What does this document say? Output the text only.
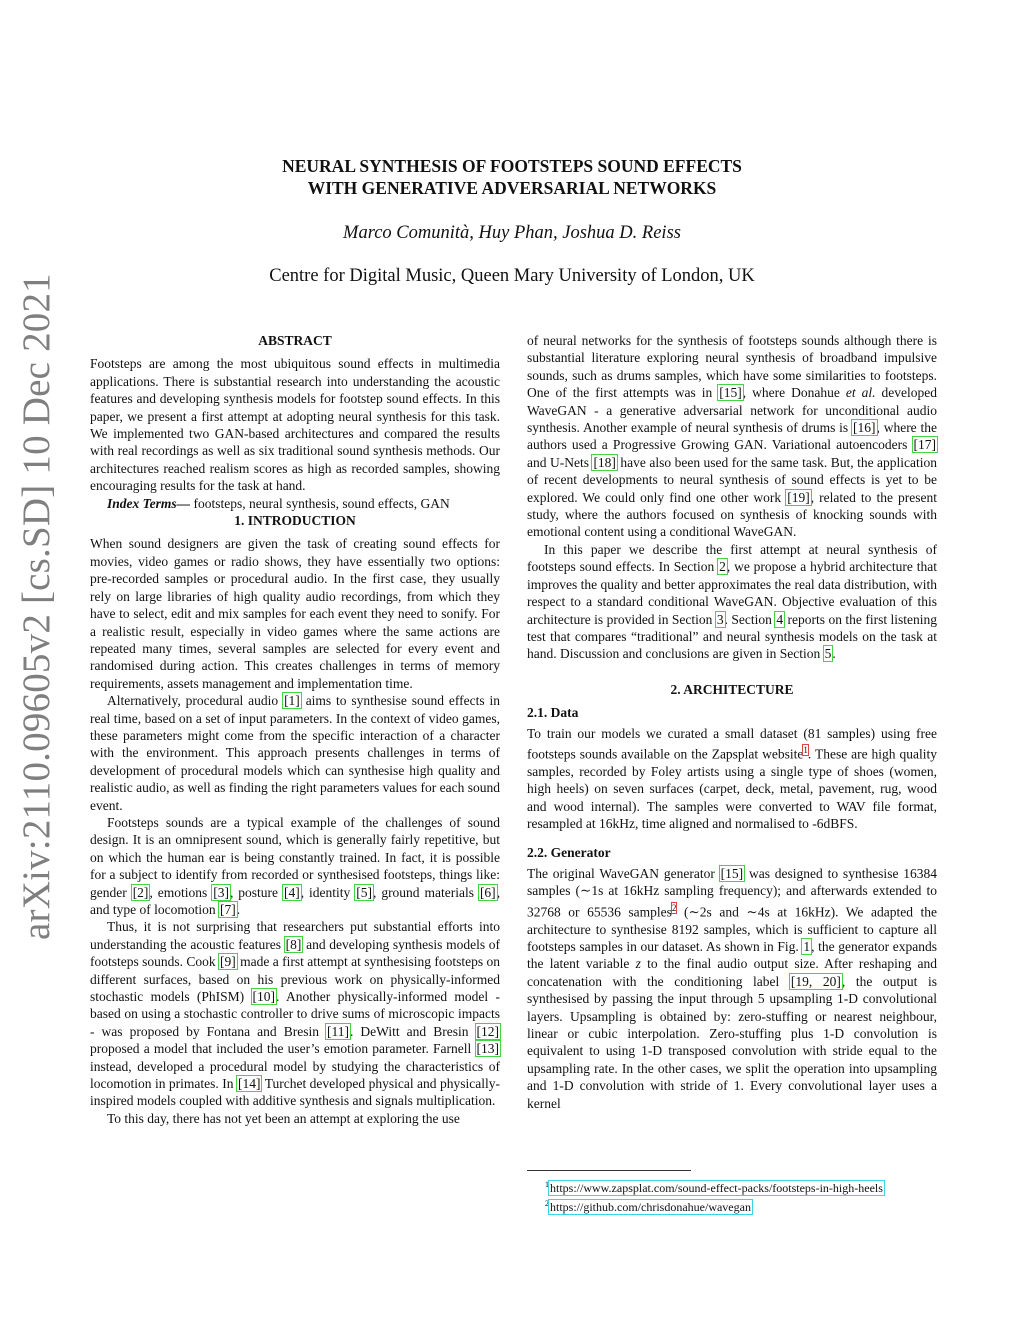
arXiv:2110.09605v2 [cs.SD] 10 Dec 2021
NEURAL SYNTHESIS OF FOOTSTEPS SOUND EFFECTS
WITH GENERATIVE ADVERSARIAL NETWORKS
Marco Comunità, Huy Phan, Joshua D. Reiss
Centre for Digital Music, Queen Mary University of London, UK
ABSTRACT

Footsteps are among the most ubiquitous sound effects in multimedia applications. There is substantial research into understanding the acoustic features and developing synthesis models for footstep sound effects. In this paper, we present a first attempt at adopting neural synthesis for this task. We implemented two GAN-based architectures and compared the results with real recordings as well as six traditional sound synthesis methods. Our architectures reached realism scores as high as recorded samples, showing encouraging results for the task at hand.

Index Terms— footsteps, neural synthesis, sound effects, GAN

1. INTRODUCTION

When sound designers are given the task of creating sound effects for movies, video games or radio shows, they have essentially two options: pre-recorded samples or procedural audio. In the first case, they usually rely on large libraries of high quality audio recordings, from which they have to select, edit and mix samples for each event they need to sonify. For a realistic result, especially in video games where the same actions are repeated many times, several samples are selected for every event and randomised during action. This creates challenges in terms of memory requirements, assets management and implementation time.

Alternatively, procedural audio [1] aims to synthesise sound effects in real time, based on a set of input parameters. In the context of video games, these parameters might come from the specific interaction of a character with the environment. This approach presents challenges in terms of development of procedural models which can synthesise high quality and realistic audio, as well as finding the right parameters values for each sound event.

Footsteps sounds are a typical example of the challenges of sound design. It is an omnipresent sound, which is generally fairly repetitive, but on which the human ear is being constantly trained. In fact, it is possible for a subject to identify from recorded or synthesised footsteps, things like: gender [2], emotions [3], posture [4], identity [5], ground materials [6], and type of locomotion [7].

Thus, it is not surprising that researchers put substantial efforts into understanding the acoustic features [8] and developing synthesis models of footsteps sounds. Cook [9] made a first attempt at synthesising footsteps on different surfaces, based on his previous work on physically-informed stochastic models (PhISM) [10]. Another physically-informed model - based on using a stochastic controller to drive sums of microscopic impacts - was proposed by Fontana and Bresin [11]. DeWitt and Bresin [12] proposed a model that included the user’s emotion parameter. Farnell [13] instead, developed a procedural model by studying the characteristics of locomotion in primates. In [14] Turchet developed physical and physically-inspired models coupled with additive synthesis and signals multiplication.

To this day, there has not yet been an attempt at exploring the use

of neural networks for the synthesis of footsteps sounds although there is substantial literature exploring neural synthesis of broadband impulsive sounds, such as drums samples, which have some similarities to footsteps. One of the first attempts was in [15], where Donahue et al. developed WaveGAN - a generative adversarial network for unconditional audio synthesis. Another example of neural synthesis of drums is [16], where the authors used a Progressive Growing GAN. Variational autoencoders [17] and U-Nets [18] have also been used for the same task. But, the application of recent developments to neural synthesis of sound effects is yet to be explored. We could only find one other work [19], related to the present study, where the authors focused on synthesis of knocking sounds with emotional content using a conditional WaveGAN.

In this paper we describe the first attempt at neural synthesis of footsteps sound effects. In Section 2, we propose a hybrid architecture that improves the quality and better approximates the real data distribution, with respect to a standard conditional WaveGAN. Objective evaluation of this architecture is provided in Section 3. Section 4 reports on the first listening test that compares “traditional” and neural synthesis models on the task at hand. Discussion and conclusions are given in Section 5.

2. ARCHITECTURE
2.1. Data

To train our models we curated a small dataset (81 samples) using free footsteps sounds available on the Zapsplat website$^1$. These are high quality samples, recorded by Foley artists using a single type of shoes (women, high heels) on seven surfaces (carpet, deck, metal, pavement, rug, wood and wood internal). The samples were converted to WAV file format, resampled at 16kHz, time aligned and normalised to -6dBFS.

2.2. Generator

The original WaveGAN generator [15] was designed to synthesise 16384 samples (∼1s at 16kHz sampling frequency); and afterwards extended to 32768 or 65536 samples$^2$ (∼2s and ∼4s at 16kHz). We adapted the architecture to synthesise 8192 samples, which is sufficient to capture all footsteps samples in our dataset. As shown in Fig. 1, the generator expands the latent variable z to the final audio output size. After reshaping and concatenation with the conditioning label [19, 20], the output is synthesised by passing the input through 5 upsampling 1-D convolutional layers. Upsampling is obtained by: zero-stuffing or nearest neighbour, linear or cubic interpolation. Zero-stuffing plus 1-D convolution is equivalent to using 1-D transposed convolution with stride equal to the upsampling rate. In the other cases, we split the operation into upsampling and 1-D convolution with stride of 1. Every convolutional layer uses a kernel

$^1$https://www.zapsplat.com/sound-effect-packs/footsteps-in-high-heels
$^2$https://github.com/chrisdonahue/wavegan
